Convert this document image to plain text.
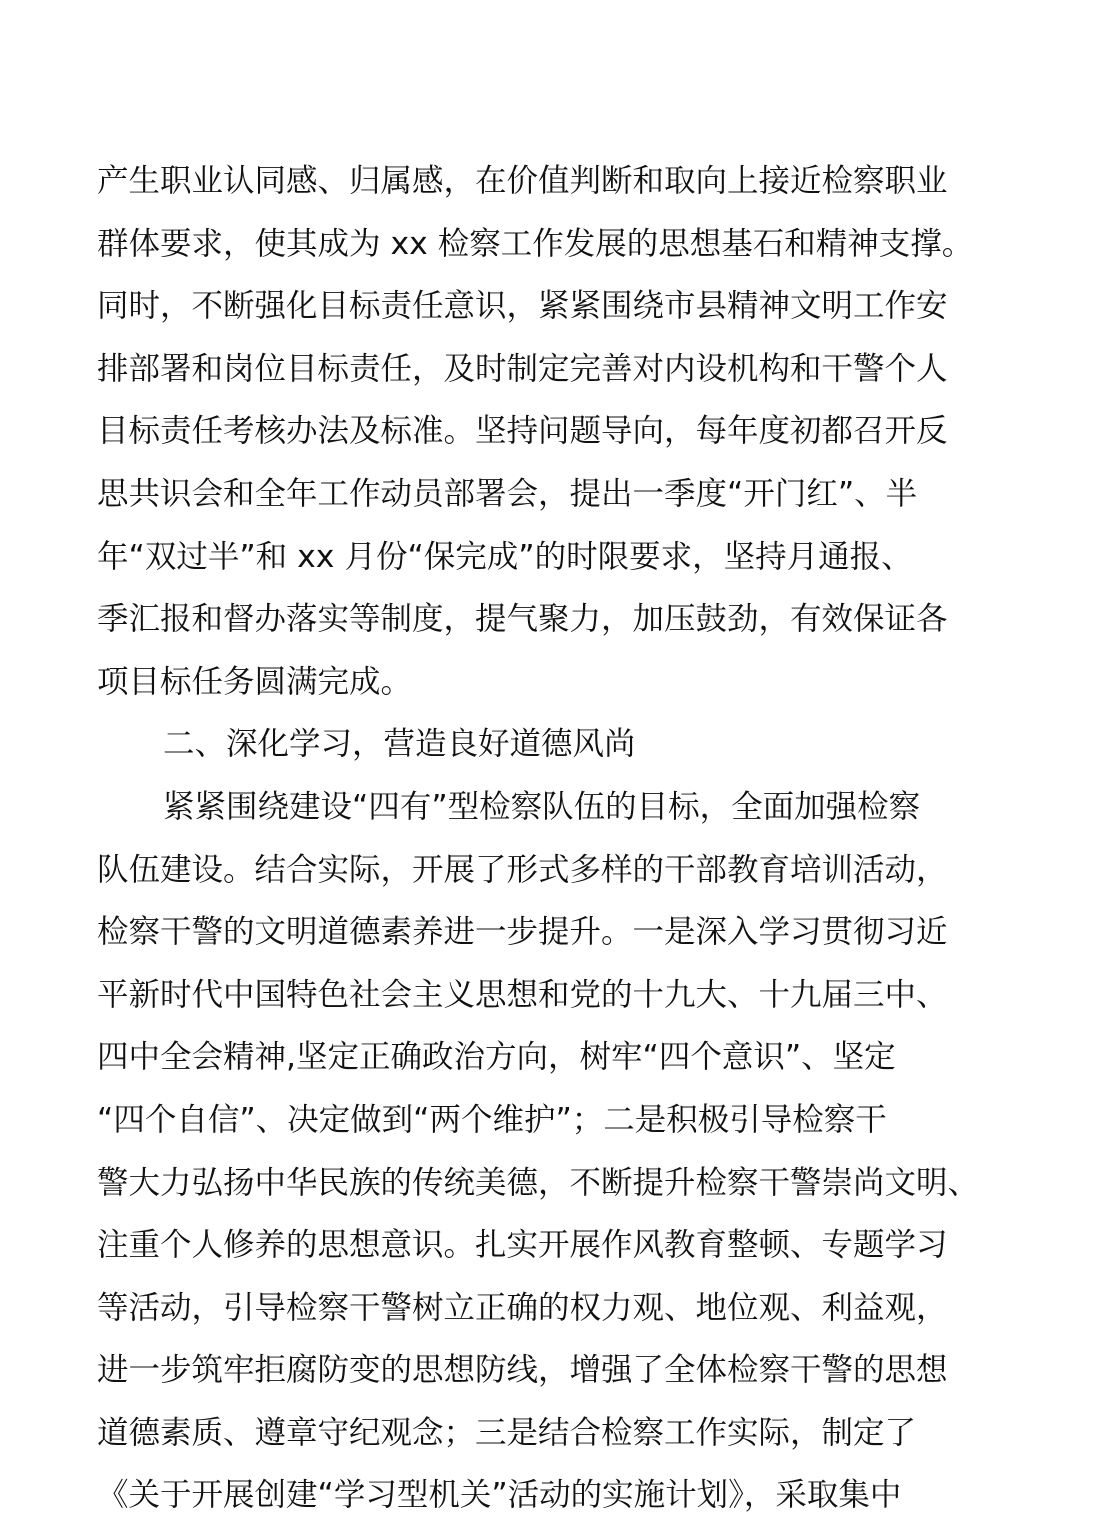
产生职业认同感、归属感，在价值判断和取向上接近检察职业
群体要求，使其成为 xx 检察工作发展的思想基石和精神支撑。
同时，不断强化目标责任意识，紧紧围绕市县精神文明工作安
排部署和岗位目标责任，及时制定完善对内设机构和干警个人
目标责任考核办法及标准。坚持问题导向，每年度初都召开反
思共识会和全年工作动员部署会，提出一季度“开门红”、半
年“双过半”和 xx 月份“保完成”的时限要求，坚持月通报、
季汇报和督办落实等制度，提气聚力，加压鼓劲，有效保证各
项目标任务圆满完成。
二、深化学习，营造良好道德风尚
紧紧围绕建设“四有”型检察队伍的目标，全面加强检察
队伍建设。结合实际，开展了形式多样的干部教育培训活动，
检察干警的文明道德素养进一步提升。一是深入学习贯彻习近
平新时代中国特色社会主义思想和党的十九大、十九届三中、
四中全会精神,坚定正确政治方向，树牢“四个意识”、坚定
“四个自信”、决定做到“两个维护”；二是积极引导检察干
警大力弘扬中华民族的传统美德，不断提升检察干警崇尚文明、
注重个人修养的思想意识。扎实开展作风教育整顿、专题学习
等活动，引导检察干警树立正确的权力观、地位观、利益观，
进一步筑牢拒腐防变的思想防线，增强了全体检察干警的思想
道德素质、遵章守纪观念；三是结合检察工作实际，制定了
《关于开展创建“学习型机关”活动的实施计划》，采取集中
